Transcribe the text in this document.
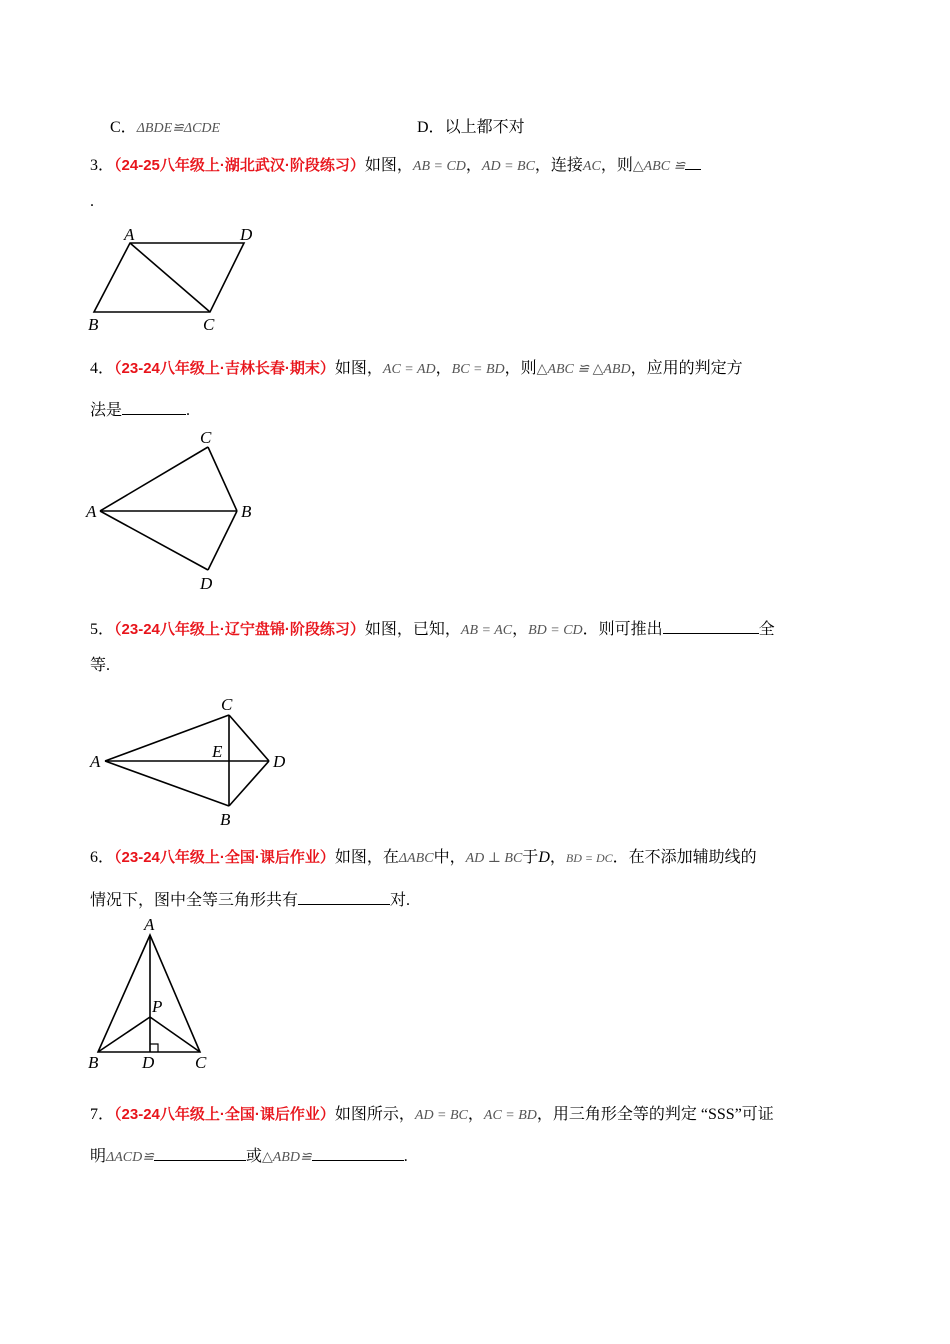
C．ΔBDE≌ΔCDE	D．以上都不对
3．（24-25八年级上·湖北武汉·阶段练习）如图，AB = CD，AD = BC，连接AC，则△ABC ≌
.
A	D
B	C
C
A	B
D
C
A
E
D
B
A
P
B	D C
4．（23-24八年级上·吉林长春·期末）如图，AC = AD，BC = BD，则△ABC ≌ △ABD，应用的判定方
法是	.
5．（23-24八年级上·辽宁盘锦·阶段练习）如图，已知，AB = AC，BD = CD．则可推出	全
等.
6．（23-24八年级上·全国·课后作业）如图，在ΔABC中，AD ⊥ BC于D，BD = DC．在不添加辅助线的
情况下，图中全等三角形共有	对.
7．（23-24八年级上·全国·课后作业）如图所示，AD = BC，AC = BD，用三角形全等的判定 “SSS”可证
明ΔACD≌	或△ABD≌	.
